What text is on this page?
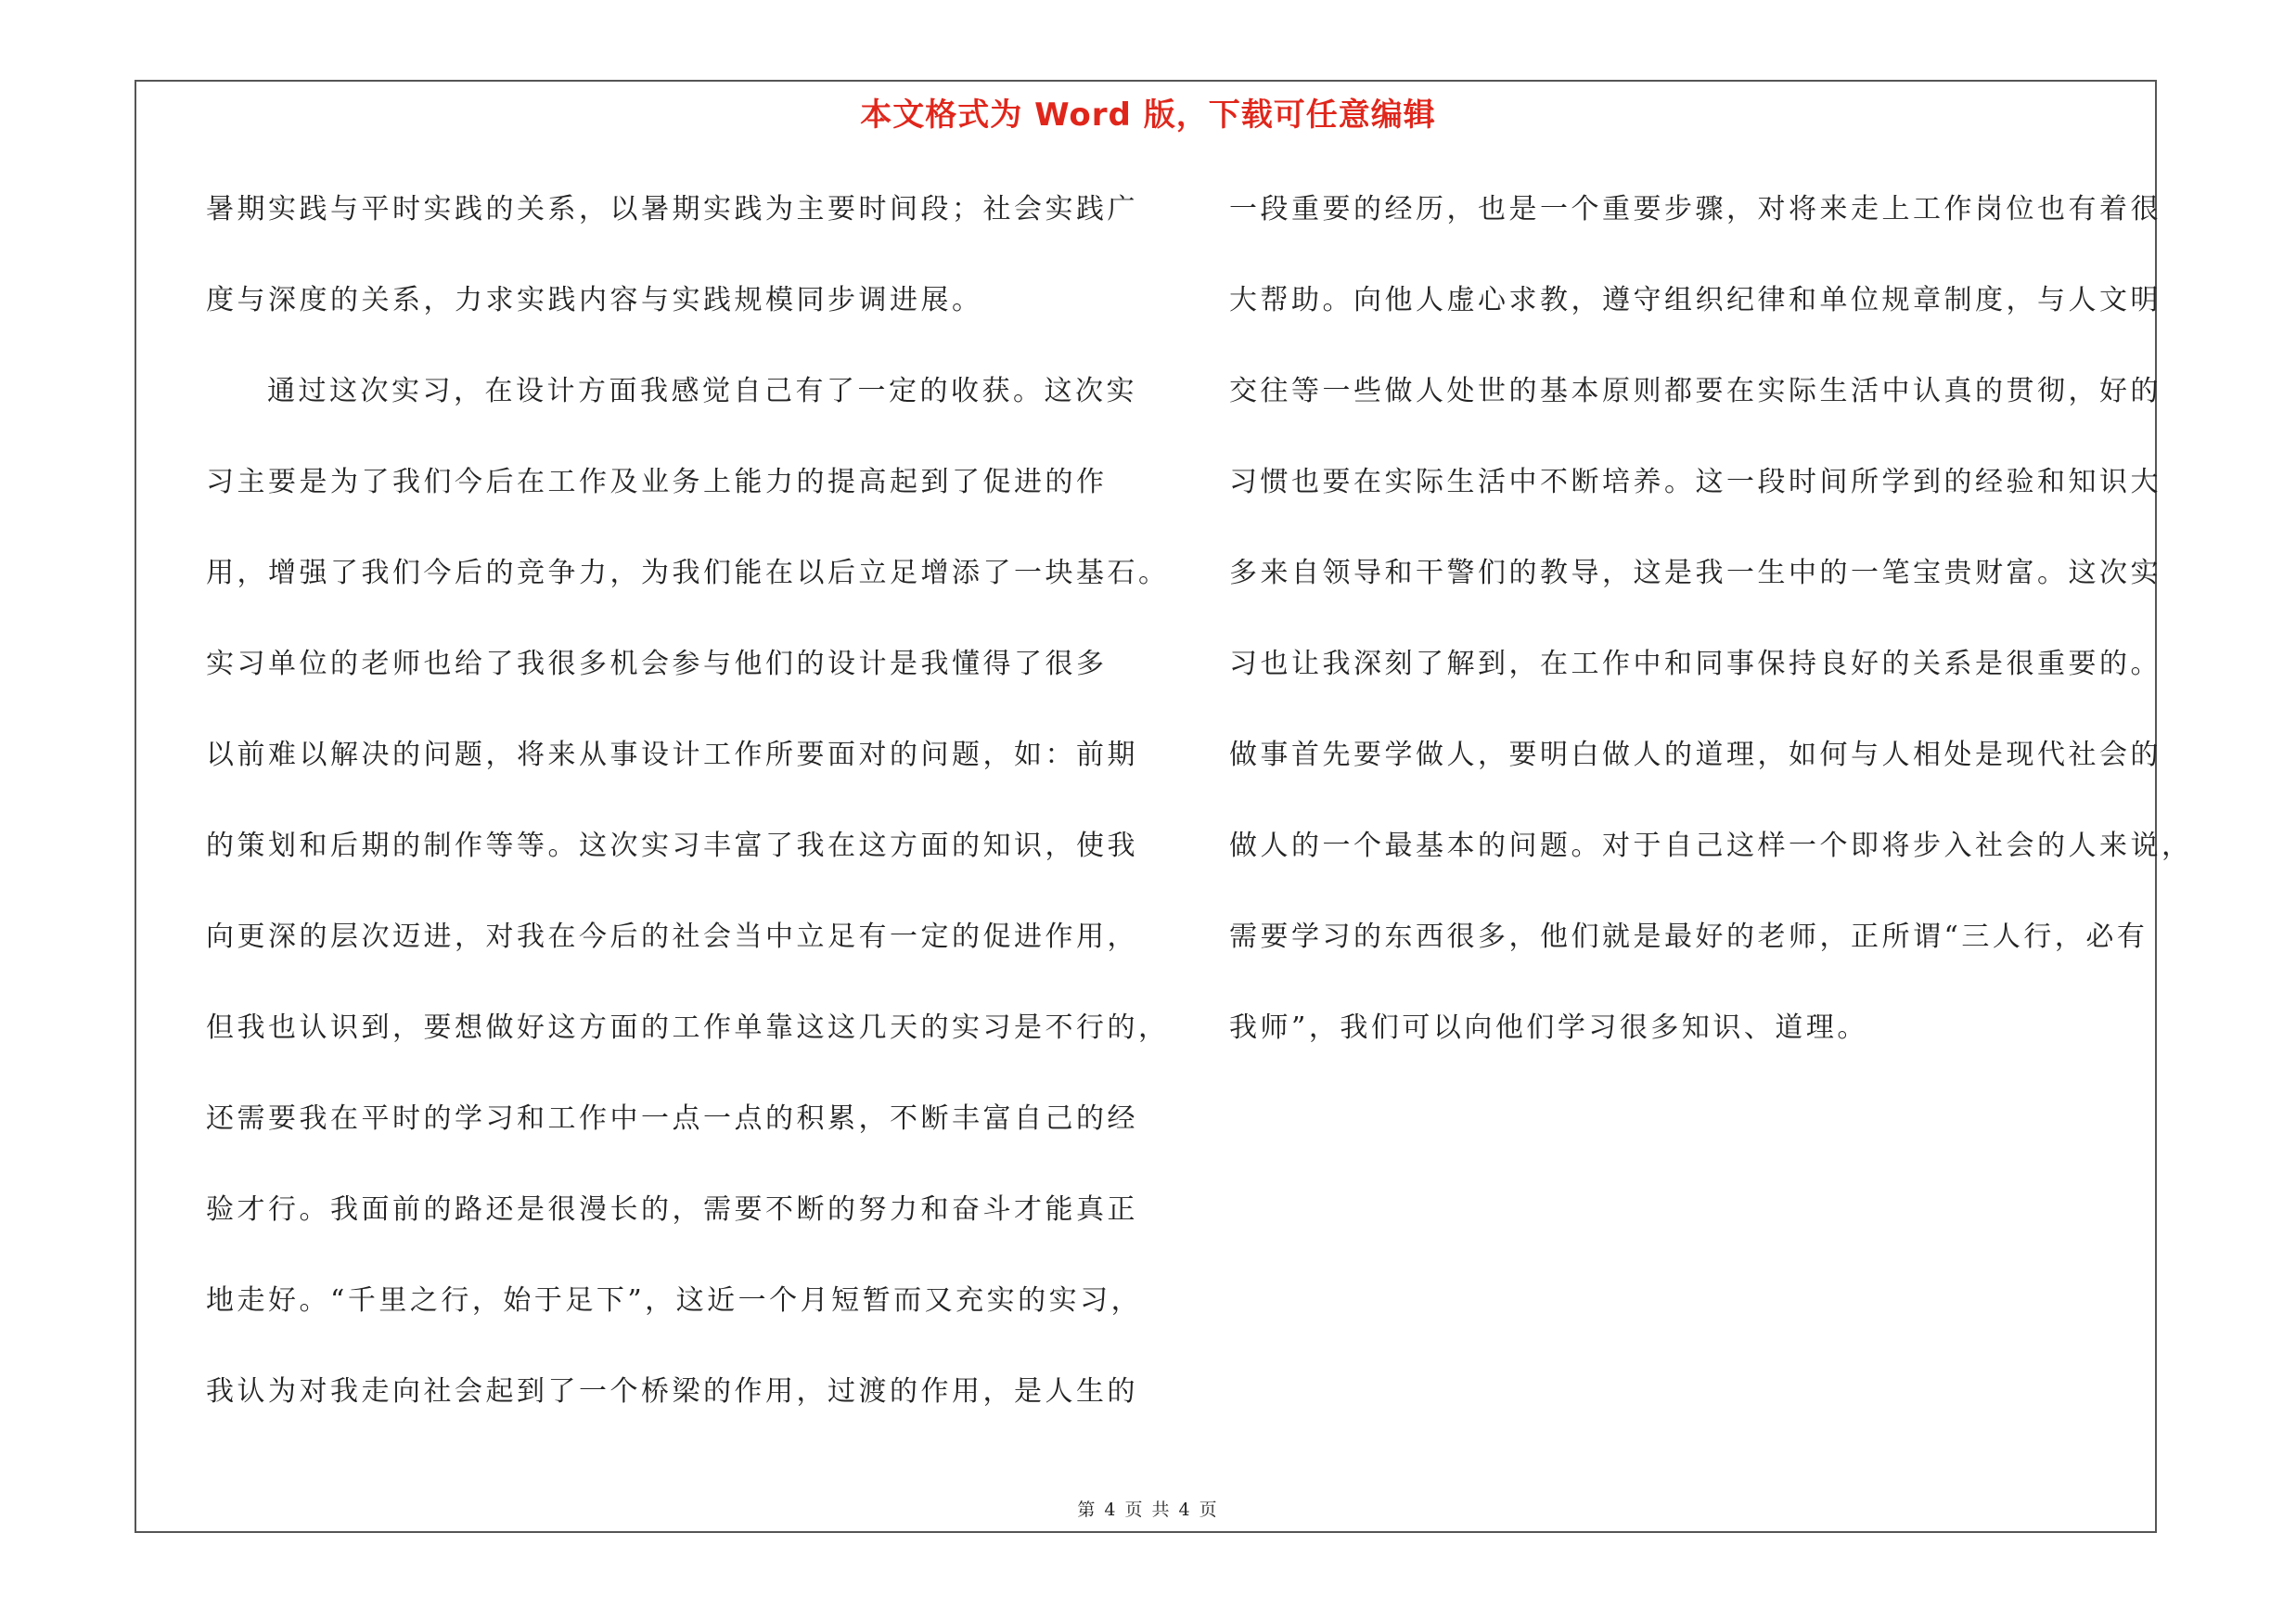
本文格式为 Word 版，下载可任意编辑
暑期实践与平时实践的关系，以暑期实践为主要时间段；社会实践广
度与深度的关系，力求实践内容与实践规模同步调进展。
通过这次实习，在设计方面我感觉自己有了一定的收获。这次实
习主要是为了我们今后在工作及业务上能力的提高起到了促进的作
用，增强了我们今后的竞争力，为我们能在以后立足增添了一块基石。
实习单位的老师也给了我很多机会参与他们的设计是我懂得了很多
以前难以解决的问题，将来从事设计工作所要面对的问题，如：前期
的策划和后期的制作等等。这次实习丰富了我在这方面的知识，使我
向更深的层次迈进，对我在今后的社会当中立足有一定的促进作用，
但我也认识到，要想做好这方面的工作单靠这这几天的实习是不行的，
还需要我在平时的学习和工作中一点一点的积累，不断丰富自己的经
验才行。我面前的路还是很漫长的，需要不断的努力和奋斗才能真正
地走好。“千里之行，始于足下”，这近一个月短暂而又充实的实习，
我认为对我走向社会起到了一个桥梁的作用，过渡的作用，是人生的
一段重要的经历，也是一个重要步骤，对将来走上工作岗位也有着很
大帮助。向他人虚心求教，遵守组织纪律和单位规章制度，与人文明
交往等一些做人处世的基本原则都要在实际生活中认真的贯彻，好的
习惯也要在实际生活中不断培养。这一段时间所学到的经验和知识大
多来自领导和干警们的教导，这是我一生中的一笔宝贵财富。这次实
习也让我深刻了解到，在工作中和同事保持良好的关系是很重要的。
做事首先要学做人，要明白做人的道理，如何与人相处是现代社会的
做人的一个最基本的问题。对于自己这样一个即将步入社会的人来说，
需要学习的东西很多，他们就是最好的老师，正所谓“三人行，必有
我师”，我们可以向他们学习很多知识、道理。
第 4 页 共 4 页
